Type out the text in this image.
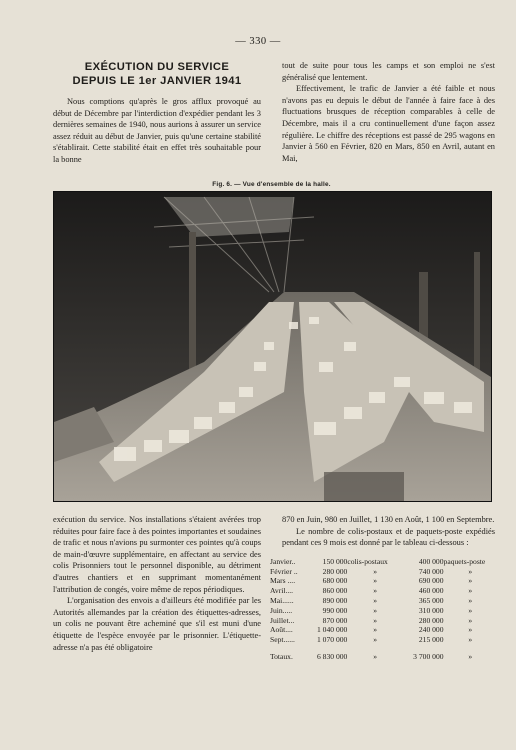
— 330 —
EXÉCUTION DU SERVICE
DEPUIS LE 1er JANVIER 1941

Nous comptions qu'après le gros afflux provoqué au début de Décembre par l'interdiction d'expédier pendant les 3 dernières semaines de 1940, nous aurions à assurer un service assez réduit au début de Janvier, puis qu'une certaine stabilité s'établirait. Cette stabilité était en effet très souhaitable pour la bonne

tout de suite pour tous les camps et son emploi ne s'est généralisé que lentement.

Effectivement, le trafic de Janvier a été faible et nous n'avons pas eu depuis le début de l'année à faire face à des fluctuations brusques de réception comparables à celle de Décembre, mais il a cru continuellement d'une façon assez régulière. Le chiffre des réceptions est passé de 295 wagons en Janvier à 560 en Février, 820 en Mars, 850 en Avril, autant en Mai,

Fig. 6. — Vue d'ensemble de la halle.

exécution du service. Nos installations s'étaient avérées trop réduites pour faire face à des pointes importantes et soudaines de trafic et nous n'avions pu surmonter ces pointes qu'à coups de main-d'œuvre supplémentaire, en affectant au service des colis Prisonniers tout le personnel disponible, au détriment d'autres chantiers et en supprimant momentanément l'attribution de congés, voire même de repos périodiques.

L'organisation des envois a d'ailleurs été modifiée par les Autorités allemandes par la création des étiquettes-adresses, un colis ne pouvant être acheminé que s'il est muni d'une étiquette de l'espèce envoyée par le prisonnier. L'étiquette-adresse n'a pas été obligatoire

870 en Juin, 980 en Juillet, 1 130 en Août, 1 100 en Septembre.

Le nombre de colis-postaux et de paquets-poste expédiés pendant ces 9 mois est donné par le tableau ci-dessous :

Janvier..	150 000	colis-postaux	400 000	paquets-poste
Février ..	280 000	»	740 000	»
Mars ....	680 000	»	690 000	»
Avril....	860 000	»	460 000	»
Mai......	890 000	»	365 000	»
Juin.....	990 000	»	310 000	»
Juillet...	870 000	»	280 000	»
Août....	1 040 000	»	240 000	»
Sept......	1 070 000	»	215 000	»
Totaux.	6 830 000	»	3 700 000	»
